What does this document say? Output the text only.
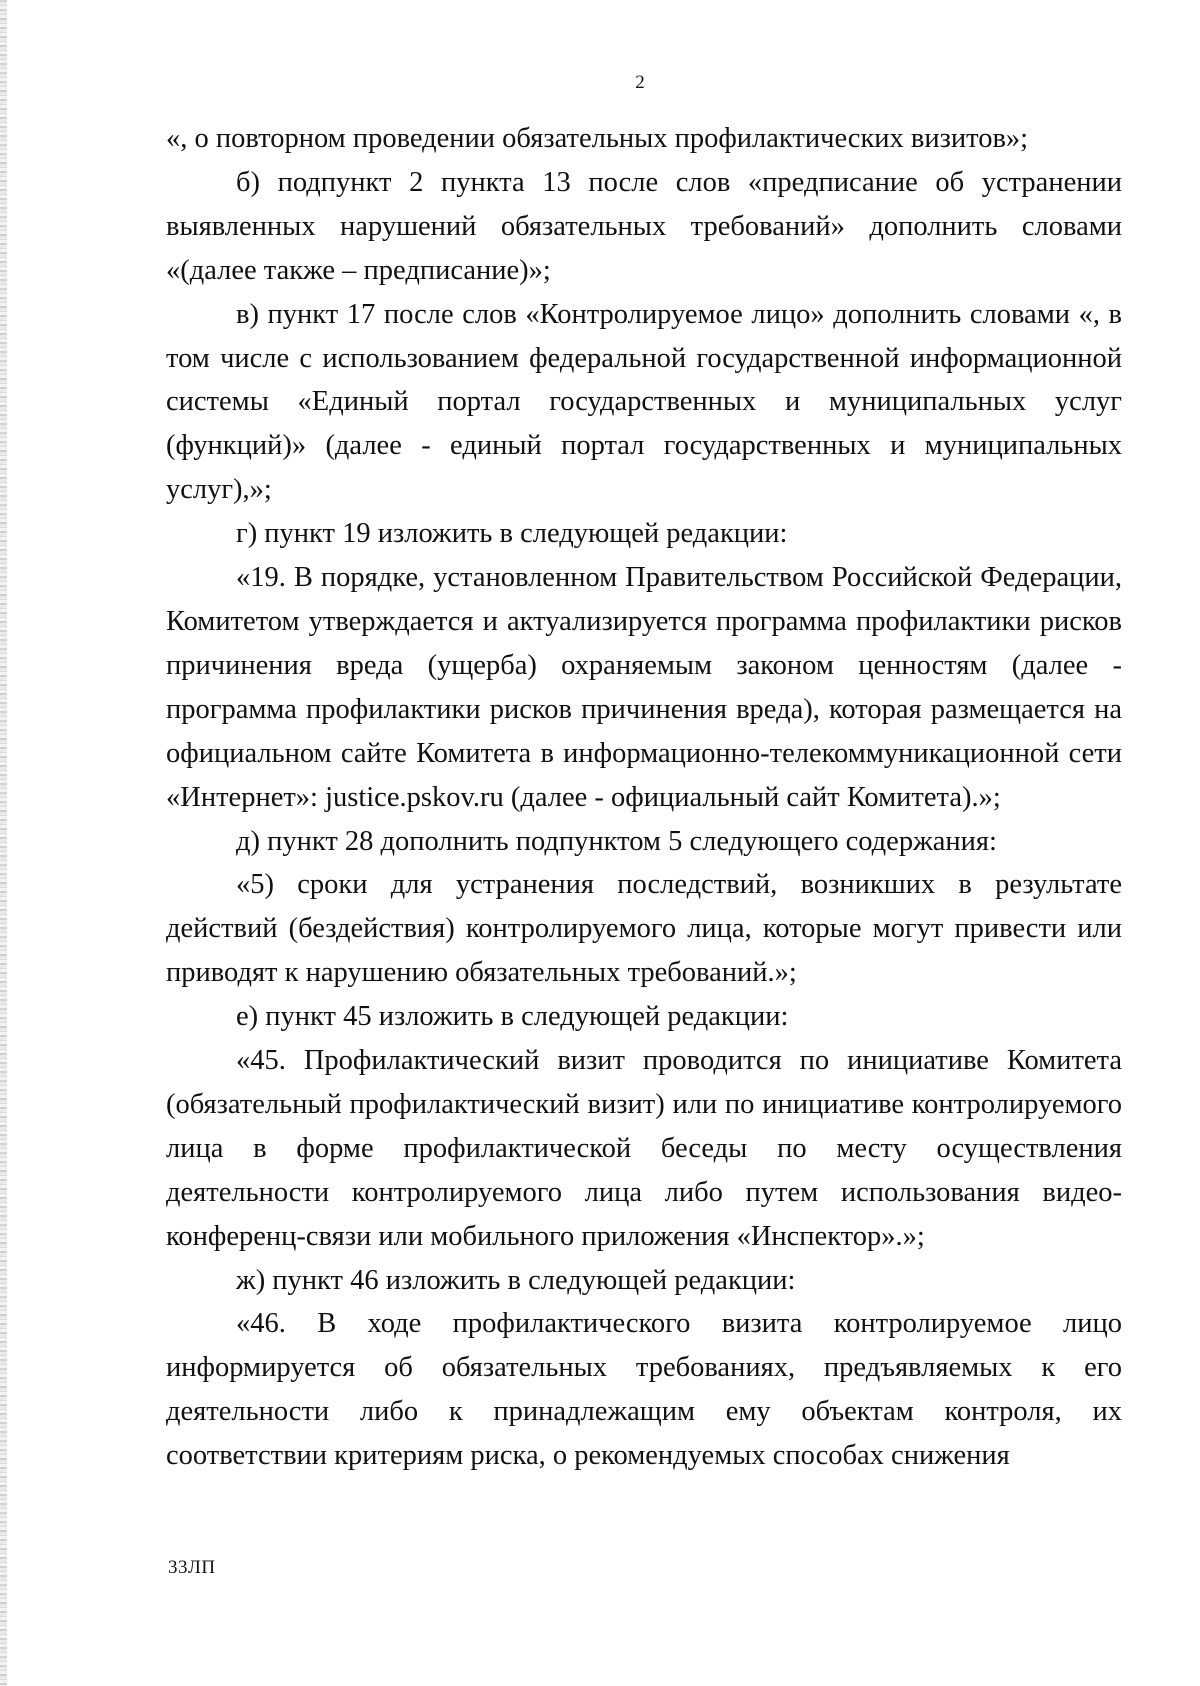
2

«, о повторном проведении обязательных профилактических визитов»;

б) подпункт 2 пункта 13 после слов «предписание об устранении выявленных нарушений обязательных требований» дополнить словами «(далее также – предписание)»;

в) пункт 17 после слов «Контролируемое лицо» дополнить словами «, в том числе с использованием федеральной государственной информационной системы «Единый портал государственных и муниципальных услуг (функций)» (далее - единый портал государственных и муниципальных услуг),»;

г) пункт 19 изложить в следующей редакции:

«19. В порядке, установленном Правительством Российской Федерации, Комитетом утверждается и актуализируется программа профилактики рисков причинения вреда (ущерба) охраняемым законом ценностям (далее - программа профилактики рисков причинения вреда), которая размещается на официальном сайте Комитета в информационно-телекоммуникационной сети «Интернет»: justice.pskov.ru (далее - официальный сайт Комитета).»;

д) пункт 28 дополнить подпунктом 5 следующего содержания:

«5) сроки для устранения последствий, возникших в результате действий (бездействия) контролируемого лица, которые могут привести или приводят к нарушению обязательных требований.»;

е) пункт 45 изложить в следующей редакции:

«45. Профилактический визит проводится по инициативе Комитета (обязательный профилактический визит) или по инициативе контролируемого лица в форме профилактической беседы по месту осуществления деятельности контролируемого лица либо путем использования видео-конференц-связи или мобильного приложения «Инспектор».»;

ж) пункт 46 изложить в следующей редакции:

«46. В ходе профилактического визита контролируемое лицо информируется об обязательных требованиях, предъявляемых к его деятельности либо к принадлежащим ему объектам контроля, их соответствии критериям риска, о рекомендуемых способах снижения

33ЛП
